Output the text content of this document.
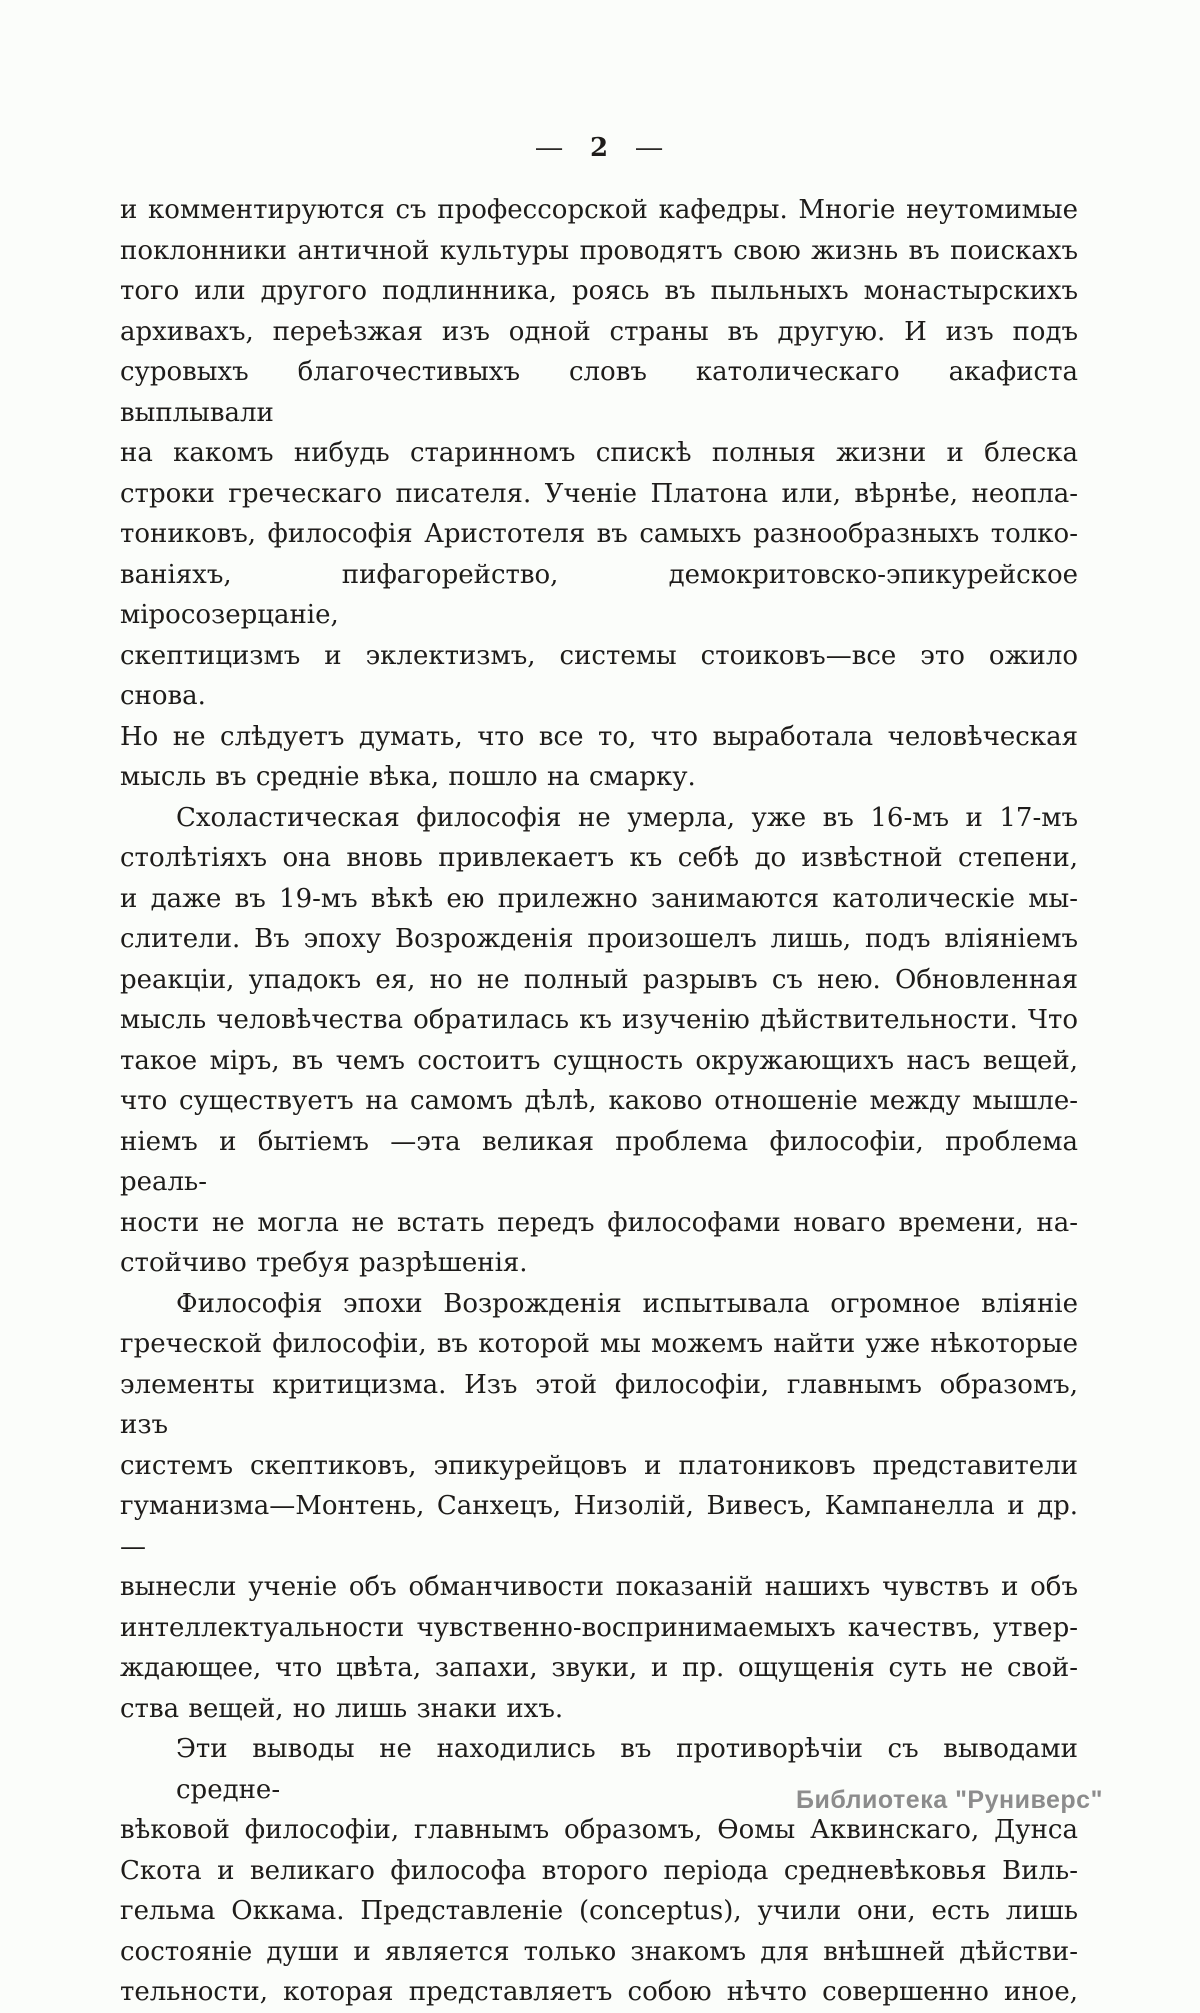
— 2 —
и комментируются съ профессорской кафедры. Многіе неутомимые
поклонники античной культуры проводятъ свою жизнь въ поискахъ
того или другого подлинника, роясь въ пыльныхъ монастырскихъ
архивахъ, переѣзжая изъ одной страны въ другую. И изъ подъ
суровыхъ благочестивыхъ словъ католическаго акафиста выплывали
на какомъ нибудь старинномъ спискѣ полныя жизни и блеска
строки греческаго писателя. Ученіе Платона или, вѣрнѣе, неопла-
тониковъ, философія Аристотеля въ самыхъ разнообразныхъ толко-
ваніяхъ, пифагорейство, демокритовско-эпикурейское міросозерцаніе,
скептицизмъ и эклектизмъ, системы стоиковъ—все это ожило снова.
Но не слѣдуетъ думать, что все то, что выработала человѣческая
мысль въ средніе вѣка, пошло на смарку.
Схоластическая философія не умерла, уже въ 16-мъ и 17-мъ
столѣтіяхъ она вновь привлекаетъ къ себѣ до извѣстной степени,
и даже въ 19-мъ вѣкѣ ею прилежно занимаются католическіе мы-
слители. Въ эпоху Возрожденія произошелъ лишь, подъ вліяніемъ
реакціи, упадокъ ея, но не полный разрывъ съ нею. Обновленная
мысль человѣчества обратилась къ изученію дѣйствительности. Что
такое міръ, въ чемъ состоитъ сущность окружающихъ насъ вещей,
что существуетъ на самомъ дѣлѣ, каково отношеніе между мышле-
ніемъ и бытіемъ —эта великая проблема философіи, проблема реаль-
ности не могла не встать передъ философами новаго времени, на-
стойчиво требуя разрѣшенія.
Философія эпохи Возрожденія испытывала огромное вліяніе
греческой философіи, въ которой мы можемъ найти уже нѣкоторые
элементы критицизма. Изъ этой философіи, главнымъ образомъ, изъ
системъ скептиковъ, эпикурейцовъ и платониковъ представители
гуманизма—Монтень, Санхецъ, Низолій, Вивесъ, Кампанелла и др.—
вынесли ученіе объ обманчивости показаній нашихъ чувствъ и объ
интеллектуальности чувственно-воспринимаемыхъ качествъ, утвер-
ждающее, что цвѣта, запахи, звуки, и пр. ощущенія суть не свой-
ства вещей, но лишь знаки ихъ.
Эти выводы не находились въ противорѣчіи съ выводами средне-
вѣковой философіи, главнымъ образомъ, Ѳомы Аквинскаго, Дунса
Скота и великаго философа второго періода средневѣковья Виль-
гельма Оккама. Представленіе (conceptus), учили они, есть лишь
состояніе души и является только знакомъ для внѣшней дѣйстви-
тельности, которая представляетъ собою нѣчто совершенно иное,
Библиотека "Руниверс"
